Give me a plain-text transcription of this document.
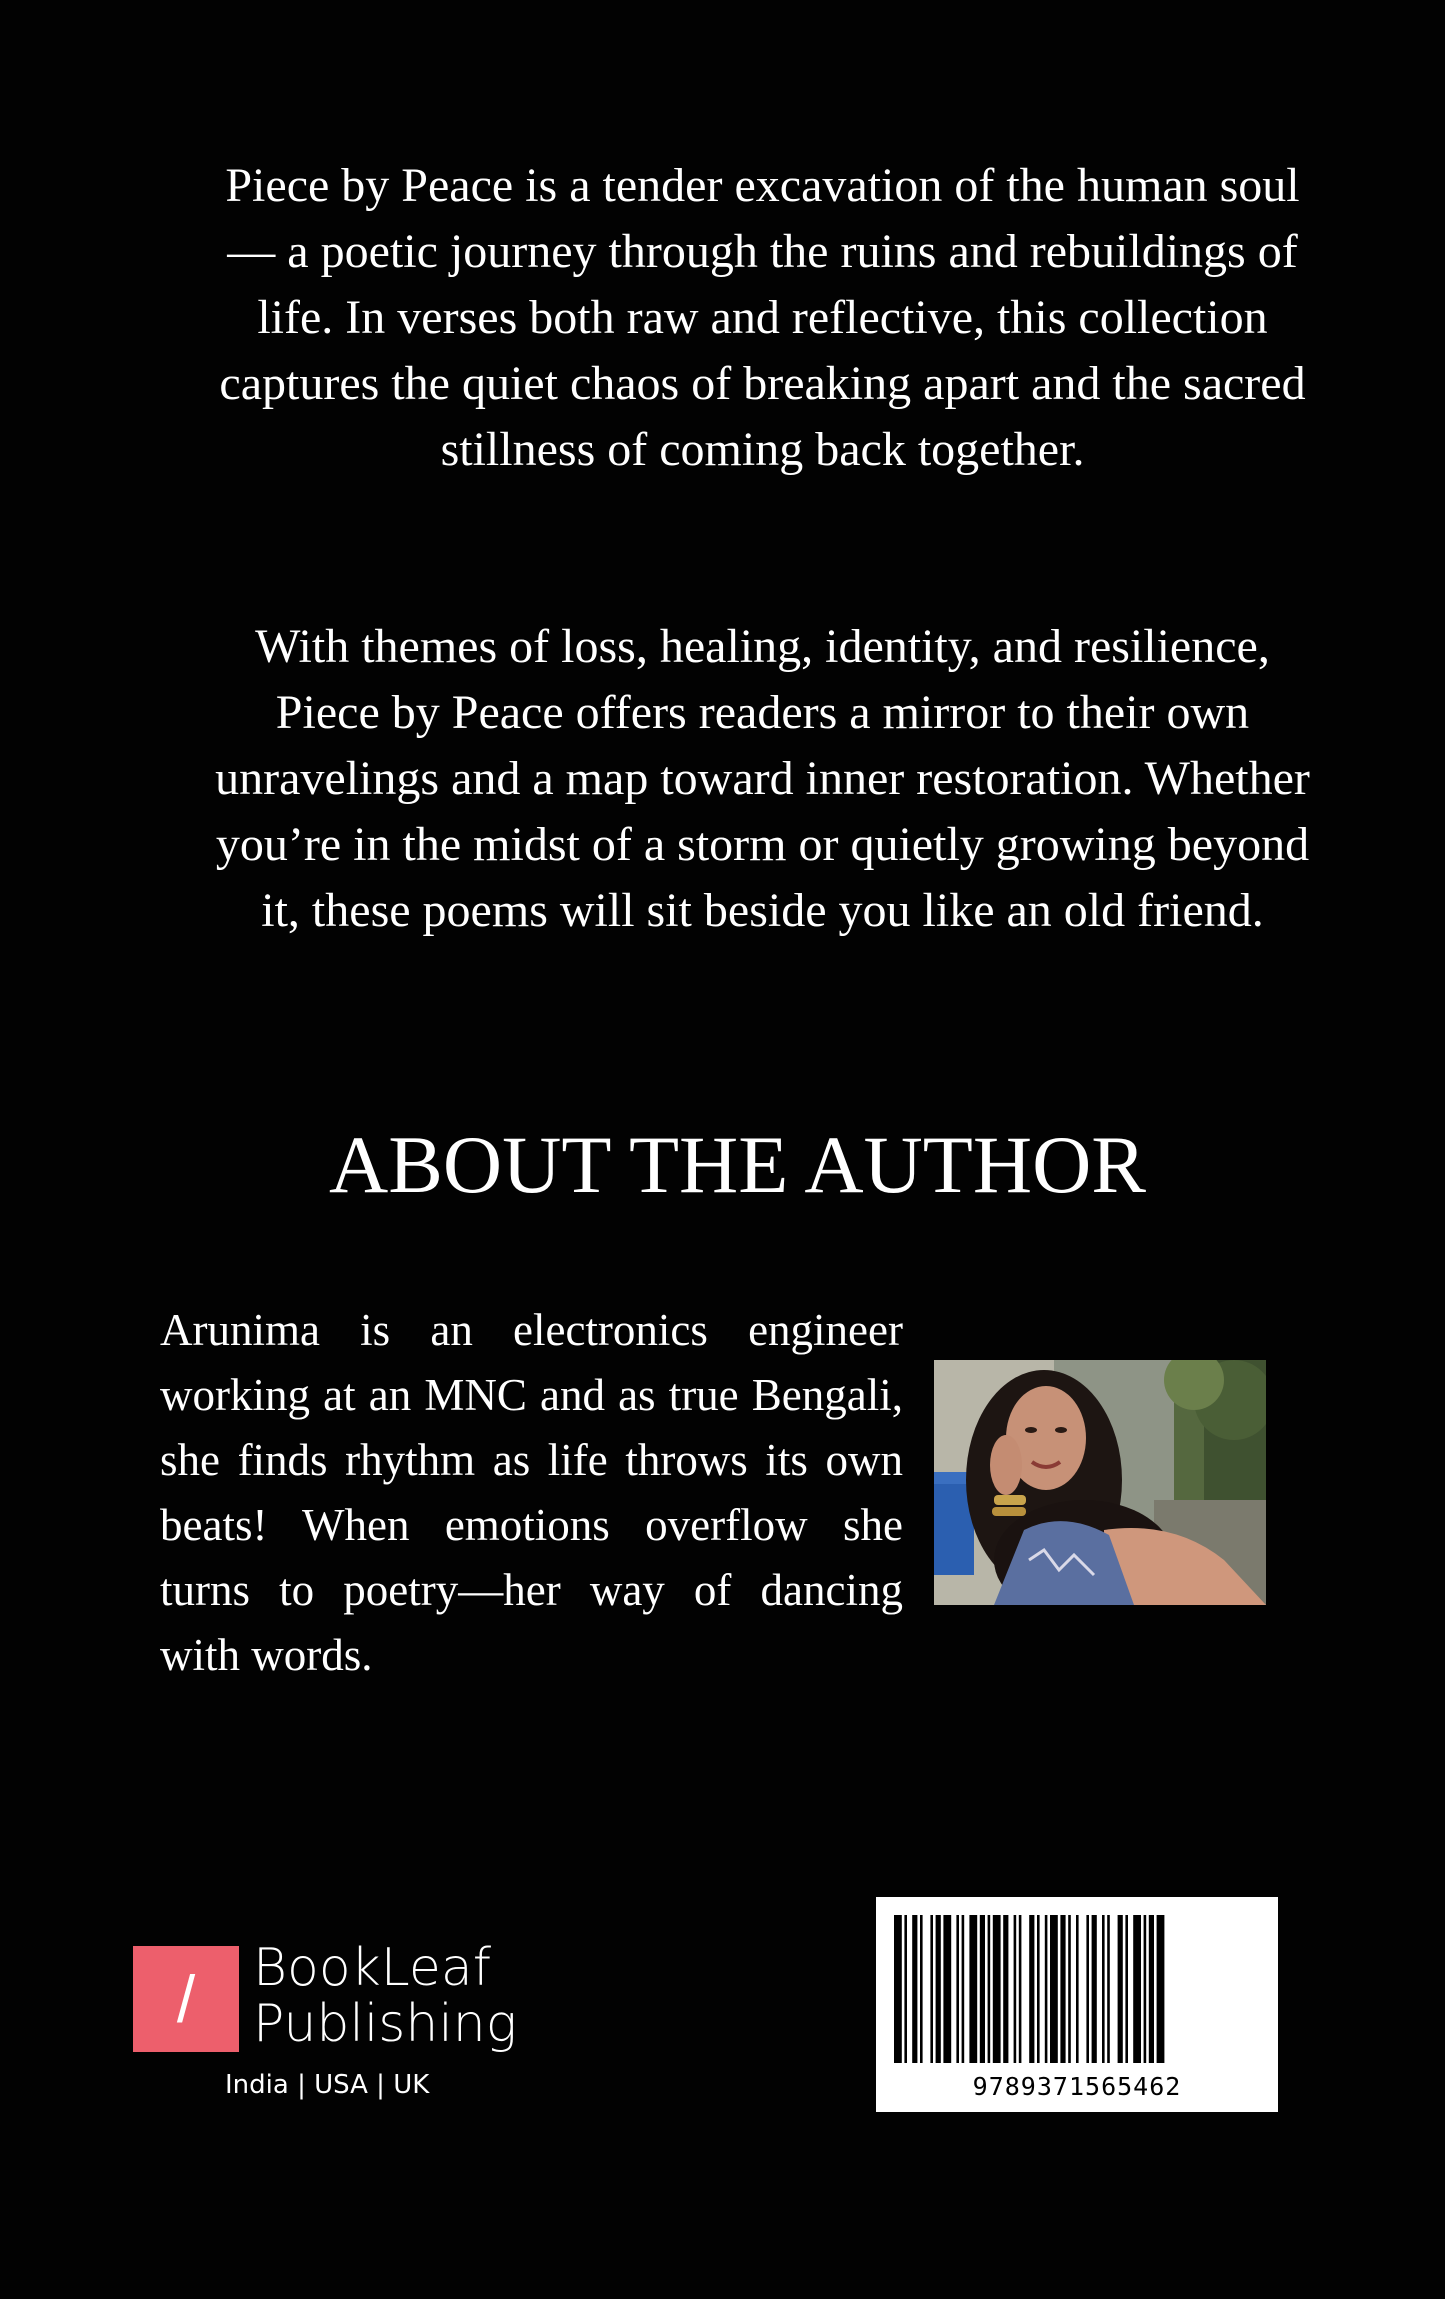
Piece by Peace is a tender excavation of the human soul — a poetic journey through the ruins and rebuildings of life. In verses both raw and reflective, this collection captures the quiet chaos of breaking apart and the sacred stillness of coming back together.

With themes of loss, healing, identity, and resilience, Piece by Peace offers readers a mirror to their own unravelings and a map toward inner restoration. Whether you’re in the midst of a storm or quietly growing beyond it, these poems will sit beside you like an old friend.

ABOUT THE AUTHOR

Arunima is an electronics engineer working at an MNC and as true Bengali, she finds rhythm as life throws its own beats! When emotions overflow she turns to poetry—her way of dancing with words.

/	BookLeaf
Publishing
India | USA | UK	9789371565462
